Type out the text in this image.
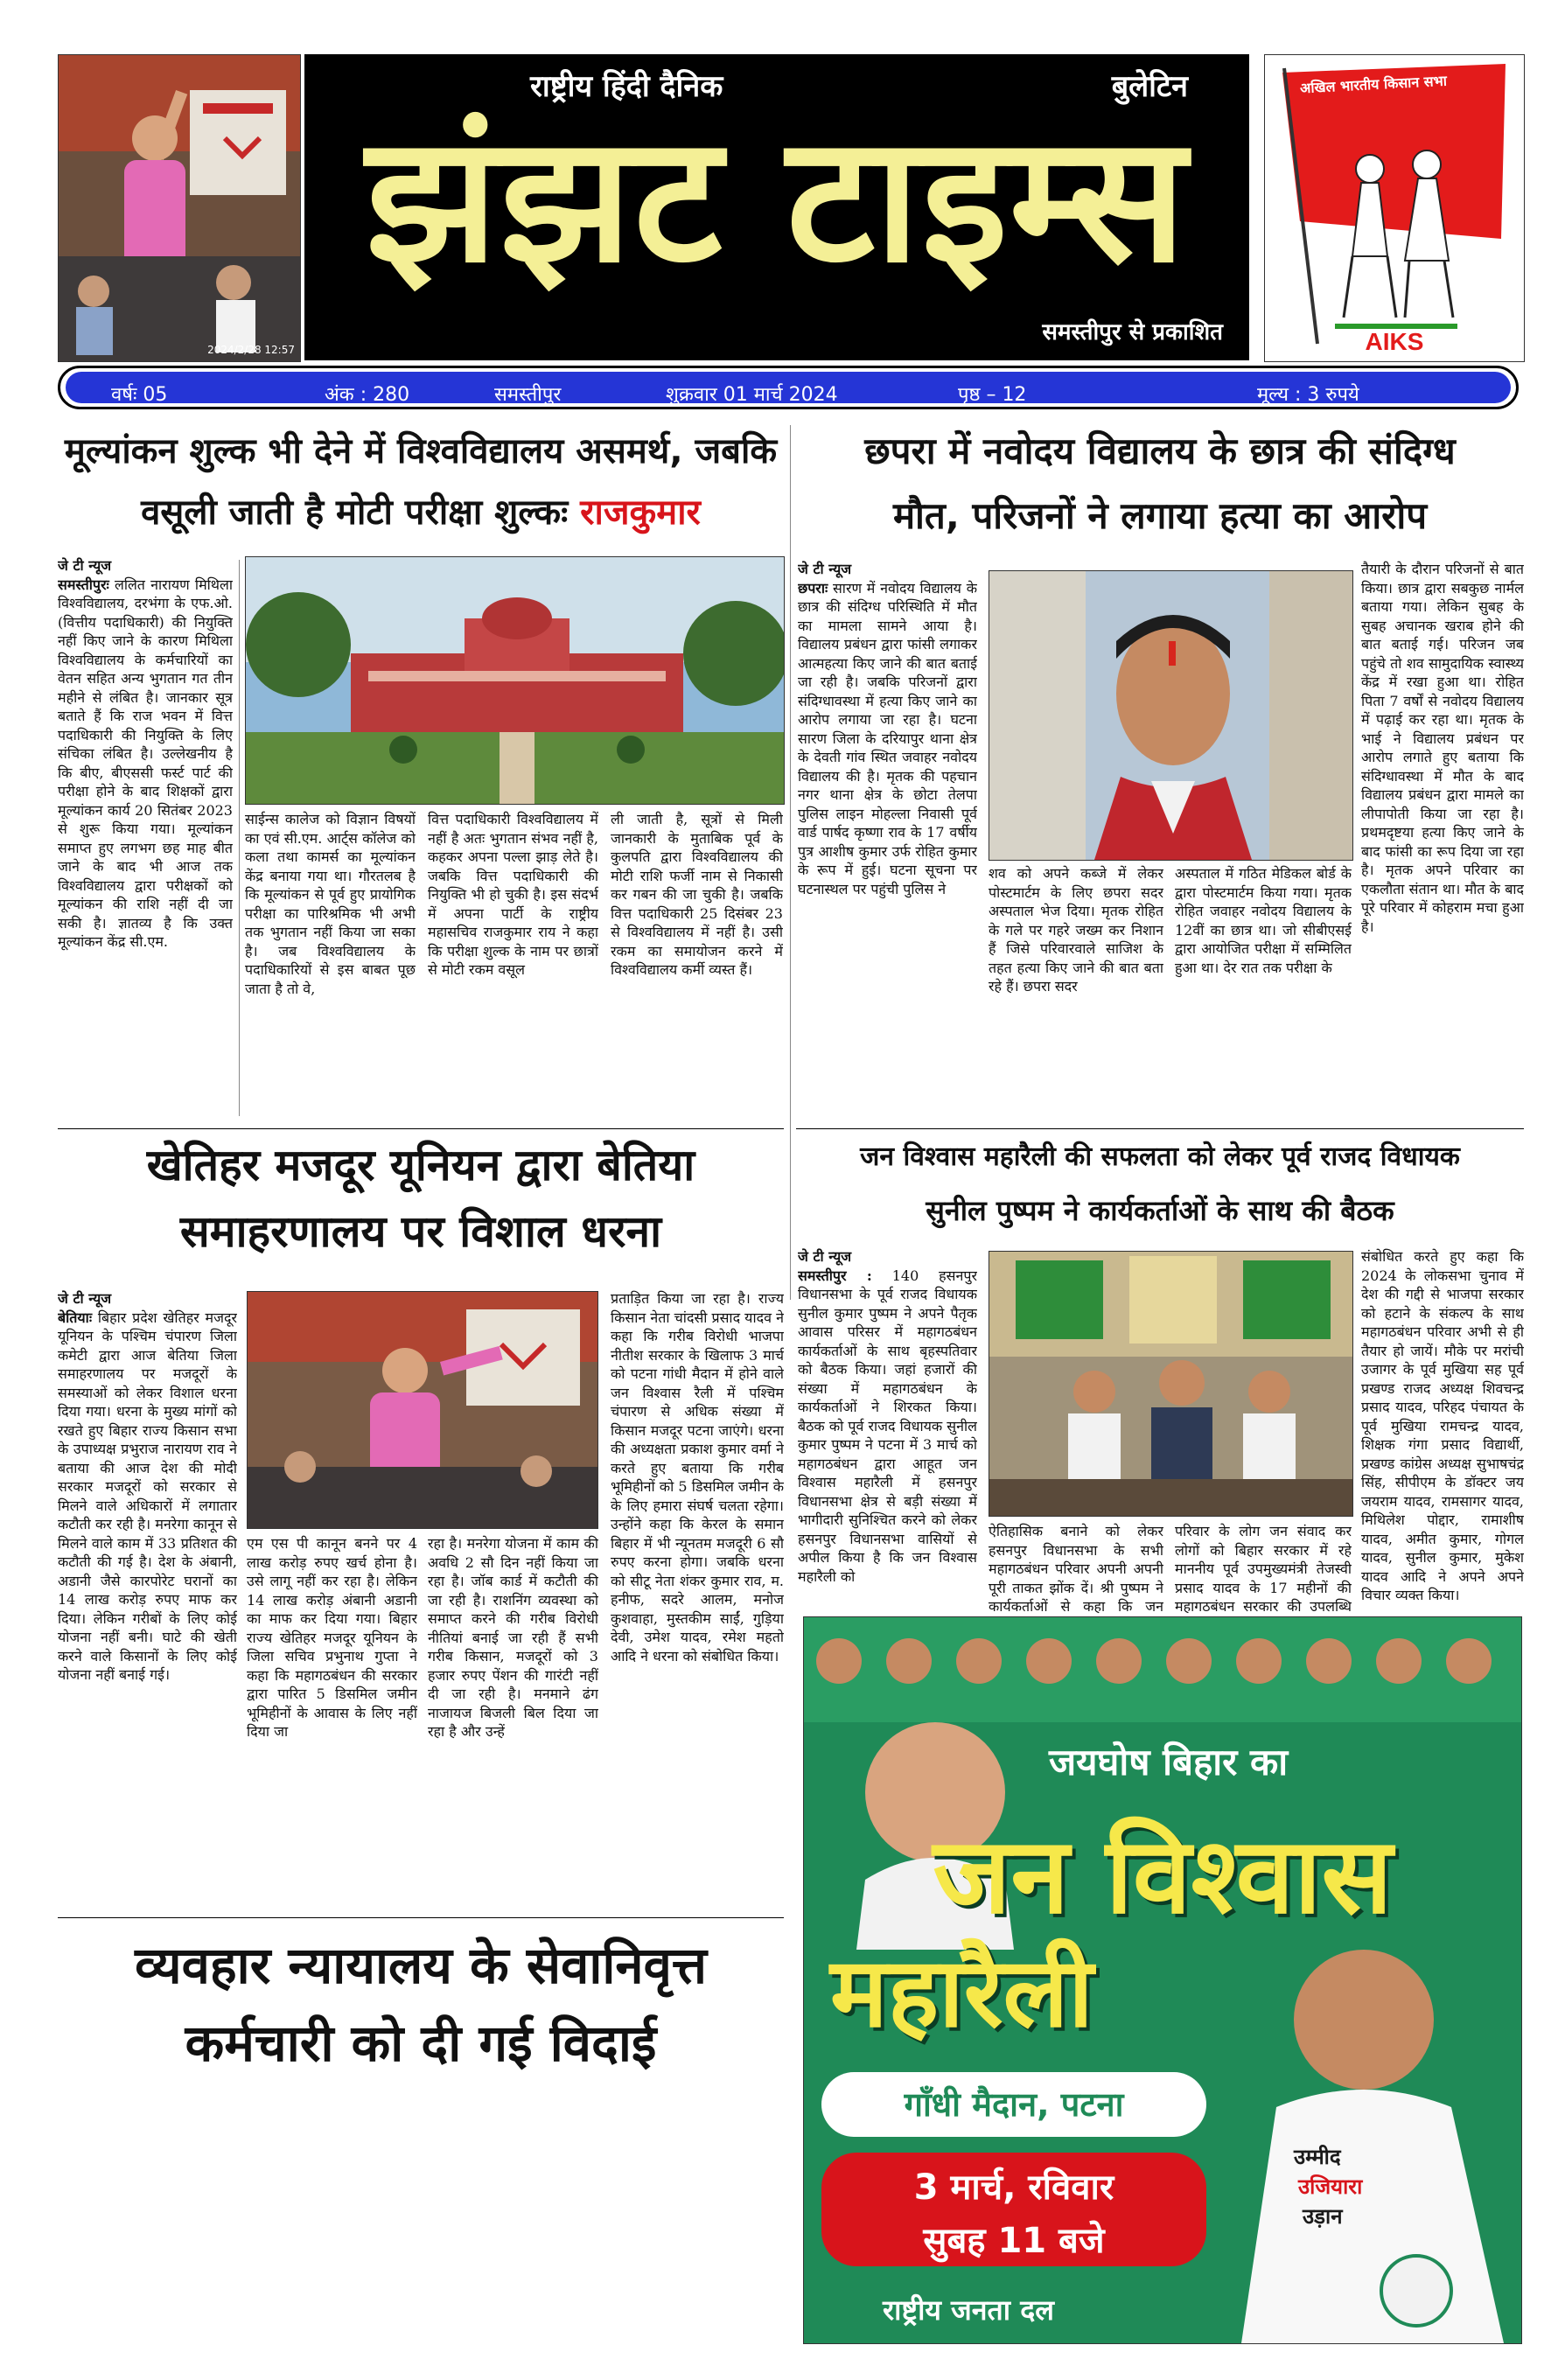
2024/2/28 12:57
राष्ट्रीय हिंदी दैनिक	बुलेटिन
झंझट टाइम्स
समस्तीपुर से प्रकाशित
अखिल भारतीय किसान सभा
AIKS
वर्षः 05	अंक : 280	समस्तीपुर	शुक्रवार 01 मार्च 2024	पृष्ठ – 12	मूल्य : 3 रुपये
मूल्यांकन शुल्क भी देने में विश्वविद्यालय असमर्थ, जबकि
वसूली जाती है मोटी परीक्षा शुल्कः राजकुमार
जे टी न्यूज
समस्तीपुरः ललित नारायण मिथिला विश्वविद्यालय, दरभंगा के एफ.ओ. (वित्तीय पदाधिकारी) की नियुक्ति नहीं किए जाने के कारण मिथिला विश्वविद्यालय के कर्मचारियों का वेतन सहित अन्य भुगतान गत तीन महीने से लंबित है। जानकार सूत्र बताते हैं कि राज भवन में वित्त पदाधिकारी की नियुक्ति के लिए संचिका लंबित है। उल्लेखनीय है कि बीए, बीएससी फर्स्ट पार्ट की परीक्षा होने के बाद शिक्षकों द्वारा मूल्यांकन कार्य 20 सितंबर 2023 से शुरू किया गया। मूल्यांकन समाप्त हुए लगभग छह माह बीत जाने के बाद भी आज तक विश्वविद्यालय द्वारा परीक्षकों को मूल्यांकन की राशि नहीं दी जा सकी है। ज्ञातव्य है कि उक्त मूल्यांकन केंद्र सी.एम.
साईन्स कालेज को विज्ञान विषयों का एवं सी.एम. आर्ट्स कॉलेज को कला तथा कामर्स का मूल्यांकन केंद्र बनाया गया था। गौरतलब है कि मूल्यांकन से पूर्व हुए प्रायोगिक परीक्षा का पारिश्रमिक भी अभी तक भुगतान नहीं किया जा सका है। जब विश्वविद्यालय के पदाधिकारियों से इस बाबत पूछ जाता है तो वे,
वित्त पदाधिकारी विश्वविद्यालय में नहीं है अतः भुगतान संभव नहीं है, कहकर अपना पल्ला झाड़ लेते है। जबकि वित्त पदाधिकारी की नियुक्ति भी हो चुकी है। इस संदर्भ में अपना पार्टी के राष्ट्रीय महासचिव राजकुमार राय ने कहा कि परीक्षा शुल्क के नाम पर छात्रों से मोटी रकम वसूल
ली जाती है, सूत्रों से मिली जानकारी के मुताबिक पूर्व के कुलपति द्वारा विश्वविद्यालय की मोटी राशि फर्जी नाम से निकासी कर गबन की जा चुकी है। जबकि वित्त पदाधिकारी 25 दिसंबर 23 से विश्वविद्यालय में नहीं है। उसी रकम का समायोजन करने में विश्वविद्यालय कर्मी व्यस्त हैं।
छपरा में नवोदय विद्यालय के छात्र की संदिग्ध
मौत, परिजनों ने लगाया हत्या का आरोप
जे टी न्यूज
छपराः सारण में नवोदय विद्यालय के छात्र की संदिग्ध परिस्थिति में मौत का मामला सामने आया है। विद्यालय प्रबंधन द्वारा फांसी लगाकर आत्महत्या किए जाने की बात बताई जा रही है। जबकि परिजनों द्वारा संदिग्धावस्था में हत्या किए जाने का आरोप लगाया जा रहा है। घटना सारण जिला के दरियापुर थाना क्षेत्र के देवती गांव स्थित जवाहर नवोदय विद्यालय की है। मृतक की पहचान नगर थाना क्षेत्र के छोटा तेलपा पुलिस लाइन मोहल्ला निवासी पूर्व वार्ड पार्षद कृष्णा राव के 17 वर्षीय पुत्र आशीष कुमार उर्फ रोहित कुमार के रूप में हुई। घटना सूचना पर घटनास्थल पर पहुंची पुलिस ने
शव को अपने कब्जे में लेकर पोस्टमार्टम के लिए छपरा सदर अस्पताल भेज दिया। मृतक रोहित के गले पर गहरे जख्म कर निशान हैं जिसे परिवारवाले साजिश के तहत हत्या किए जाने की बात बता रहे हैं। छपरा सदर
अस्पताल में गठित मेडिकल बोर्ड के द्वारा पोस्टमार्टम किया गया। मृतक रोहित जवाहर नवोदय विद्यालय के 12वीं का छात्र था। जो सीबीएसई द्वारा आयोजित परीक्षा में सम्मिलित हुआ था। देर रात तक परीक्षा के
तैयारी के दौरान परिजनों से बात किया। छात्र द्वारा सबकुछ नार्मल बताया गया। लेकिन सुबह के सुबह अचानक खराब होने की बात बताई गई। परिजन जब पहुंचे तो शव सामुदायिक स्वास्थ्य केंद्र में रखा हुआ था। रोहित पिता 7 वर्षों से नवोदय विद्यालय में पढ़ाई कर रहा था। मृतक के भाई ने विद्यालय प्रबंधन पर आरोप लगाते हुए बताया कि संदिग्धावस्था में मौत के बाद विद्यालय प्रबंधन द्वारा मामले का लीपापोती किया जा रहा है। प्रथमदृष्टया हत्या किए जाने के बाद फांसी का रूप दिया जा रहा है। मृतक अपने परिवार का एकलौता संतान था। मौत के बाद पूरे परिवार में कोहराम मचा हुआ है।
खेतिहर मजदूर यूनियन द्वारा बेतिया
समाहरणालय पर विशाल धरना
जे टी न्यूज
बेतियाः बिहार प्रदेश खेतिहर मजदूर यूनियन के पश्चिम चंपारण जिला कमेटी द्वारा आज बेतिया जिला समाहरणालय पर मजदूरों के समस्याओं को लेकर विशाल धरना दिया गया। धरना के मुख्य मांगों को रखते हुए बिहार राज्य किसान सभा के उपाध्यक्ष प्रभुराज नारायण राव ने बताया की आज देश की मोदी सरकार मजदूरों को सरकार से मिलने वाले अधिकारों में लगातार कटौती कर रही है। मनरेगा कानून से मिलने वाले काम में 33 प्रतिशत की कटौती की गई है। देश के अंबानी, अडानी जैसे कारपोरेट घरानों का 14 लाख करोड़ रुपए माफ कर दिया। लेकिन गरीबों के लिए कोई योजना नहीं बनी। घाटे की खेती करने वाले किसानों के लिए कोई योजना नहीं बनाई गई।
एम एस पी कानून बनने पर 4 लाख करोड़ रुपए खर्च होना है। उसे लागू नहीं कर रहा है। लेकिन 14 लाख करोड़ अंबानी अडानी का माफ कर दिया गया। बिहार राज्य खेतिहर मजदूर यूनियन के जिला सचिव प्रभुनाथ गुप्ता ने कहा कि महागठबंधन की सरकार द्वारा पारित 5 डिसमिल जमीन भूमिहीनों के आवास के लिए नहीं दिया जा
रहा है। मनरेगा योजना में काम की अवधि 2 सौ दिन नहीं किया जा रहा है। जॉब कार्ड में कटौती की जा रही है। राशनिंग व्यवस्था को समाप्त करने की गरीब विरोधी नीतियां बनाई जा रही हैं सभी गरीब किसान, मजदूरों को 3 हजार रुपए पेंशन की गारंटी नहीं दी जा रही है। मनमाने ढंग नाजायज बिजली बिल दिया जा रहा है और उन्हें
प्रताड़ित किया जा रहा है। राज्य किसान नेता चांदसी प्रसाद यादव ने कहा कि गरीब विरोधी भाजपा नीतीश सरकार के खिलाफ 3 मार्च को पटना गांधी मैदान में होने वाले जन विश्वास रैली में पश्चिम चंपारण से अधिक संख्या में किसान मजदूर पटना जाएंगे। धरना की अध्यक्षता प्रकाश कुमार वर्मा ने करते हुए बताया कि गरीब भूमिहीनों को 5 डिसमिल जमीन के के लिए हमारा संघर्ष चलता रहेगा। उन्होंने कहा कि केरल के समान बिहार में भी न्यूनतम मजदूरी 6 सौ रुपए करना होगा। जबकि धरना को सीटू नेता शंकर कुमार राव, म. हनीफ, सदरे आलम, मनोज कुशवाहा, मुस्तकीम साईं, गुड़िया देवी, उमेश यादव, रमेश महतो आदि ने धरना को संबोधित किया।
जन विश्वास महारैली की सफलता को लेकर पूर्व राजद विधायक
सुनील पुष्पम ने कार्यकर्ताओं के साथ की बैठक
जे टी न्यूज
समस्तीपुर : 140 हसनपुर विधानसभा के पूर्व राजद विधायक सुनील कुमार पुष्पम ने अपने पैतृक आवास परिसर में महागठबंधन कार्यकर्ताओं के साथ बृहस्पतिवार को बैठक किया। जहां हजारों की संख्या में महागठबंधन के कार्यकर्ताओं ने शिरकत किया। बैठक को पूर्व राजद विधायक सुनील कुमार पुष्पम ने पटना में 3 मार्च को महागठबंधन द्वारा आहूत जन विश्वास महारैली में हसनपुर विधानसभा क्षेत्र से बड़ी संख्या में भागीदारी सुनिश्चित करने को लेकर हसनपुर विधानसभा वासियों से अपील किया है कि जन विश्वास महारैली को
ऐतिहासिक बनाने को लेकर हसनपुर विधानसभा के सभी महागठबंधन परिवार अपनी अपनी पूरी ताकत झोंक दें। श्री पुष्पम ने कार्यकर्ताओं से कहा कि जन
परिवार के लोग जन संवाद कर लोगों को बिहार सरकार में रहे माननीय पूर्व उपमुख्यमंत्री तेजस्वी प्रसाद यादव के 17 महीनों की महागठबंधन सरकार की उपलब्धि
संबोधित करते हुए कहा कि 2024 के लोकसभा चुनाव में देश की गद्दी से भाजपा सरकार को हटाने के संकल्प के साथ महागठबंधन परिवार अभी से ही तैयार हो जायें। मौके पर मरांची उजागर के पूर्व मुखिया सह पूर्व प्रखण्ड राजद अध्यक्ष शिवचन्द्र प्रसाद यादव, परिहद पंचायत के पूर्व मुखिया रामचन्द्र यादव, शिक्षक गंगा प्रसाद विद्यार्थी, प्रखण्ड कांग्रेस अध्यक्ष सुभाषचंद्र सिंह, सीपीएम के डॉक्टर जय जयराम यादव, रामसागर यादव, मिथिलेश पोद्दार, रामाशीष यादव, अमीत कुमार, गोगल यादव, सुनील कुमार, मुकेश यादव आदि ने अपने अपने विचार व्यक्त किया।
व्यवहार न्यायालय के सेवानिवृत्त
कर्मचारी को दी गई विदाई
जयघोष बिहार का
जन विश्वास
महारैली
गाँधी मैदान, पटना
3 मार्च, रविवार
सुबह 11 बजे
उम्मीद
उजियारा
उड़ान
राष्ट्रीय जनता दल
